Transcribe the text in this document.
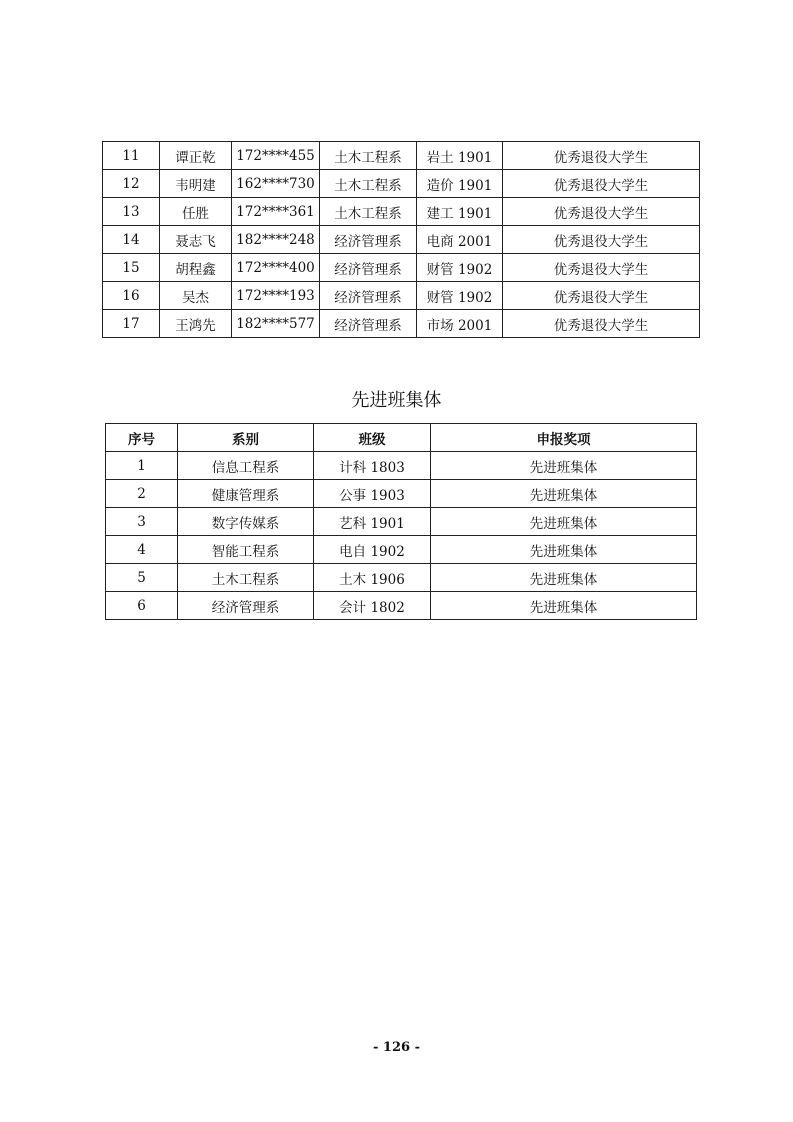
11	谭正乾	172****455	土木工程系	岩土 1901	优秀退役大学生
12	韦明建	162****730	土木工程系	造价 1901	优秀退役大学生
13	任胜	172****361	土木工程系	建工 1901	优秀退役大学生
14	聂志飞	182****248	经济管理系	电商 2001	优秀退役大学生
15	胡程鑫	172****400	经济管理系	财管 1902	优秀退役大学生
16	吴杰	172****193	经济管理系	财管 1902	优秀退役大学生
17	王鸿先	182****577	经济管理系	市场 2001	优秀退役大学生
先进班集体
序号	系别	班级	申报奖项
1	信息工程系	计科 1803	先进班集体
2	健康管理系	公事 1903	先进班集体
3	数字传媒系	艺科 1901	先进班集体
4	智能工程系	电自 1902	先进班集体
5	土木工程系	土木 1906	先进班集体
6	经济管理系	会计 1802	先进班集体
- 126 -
